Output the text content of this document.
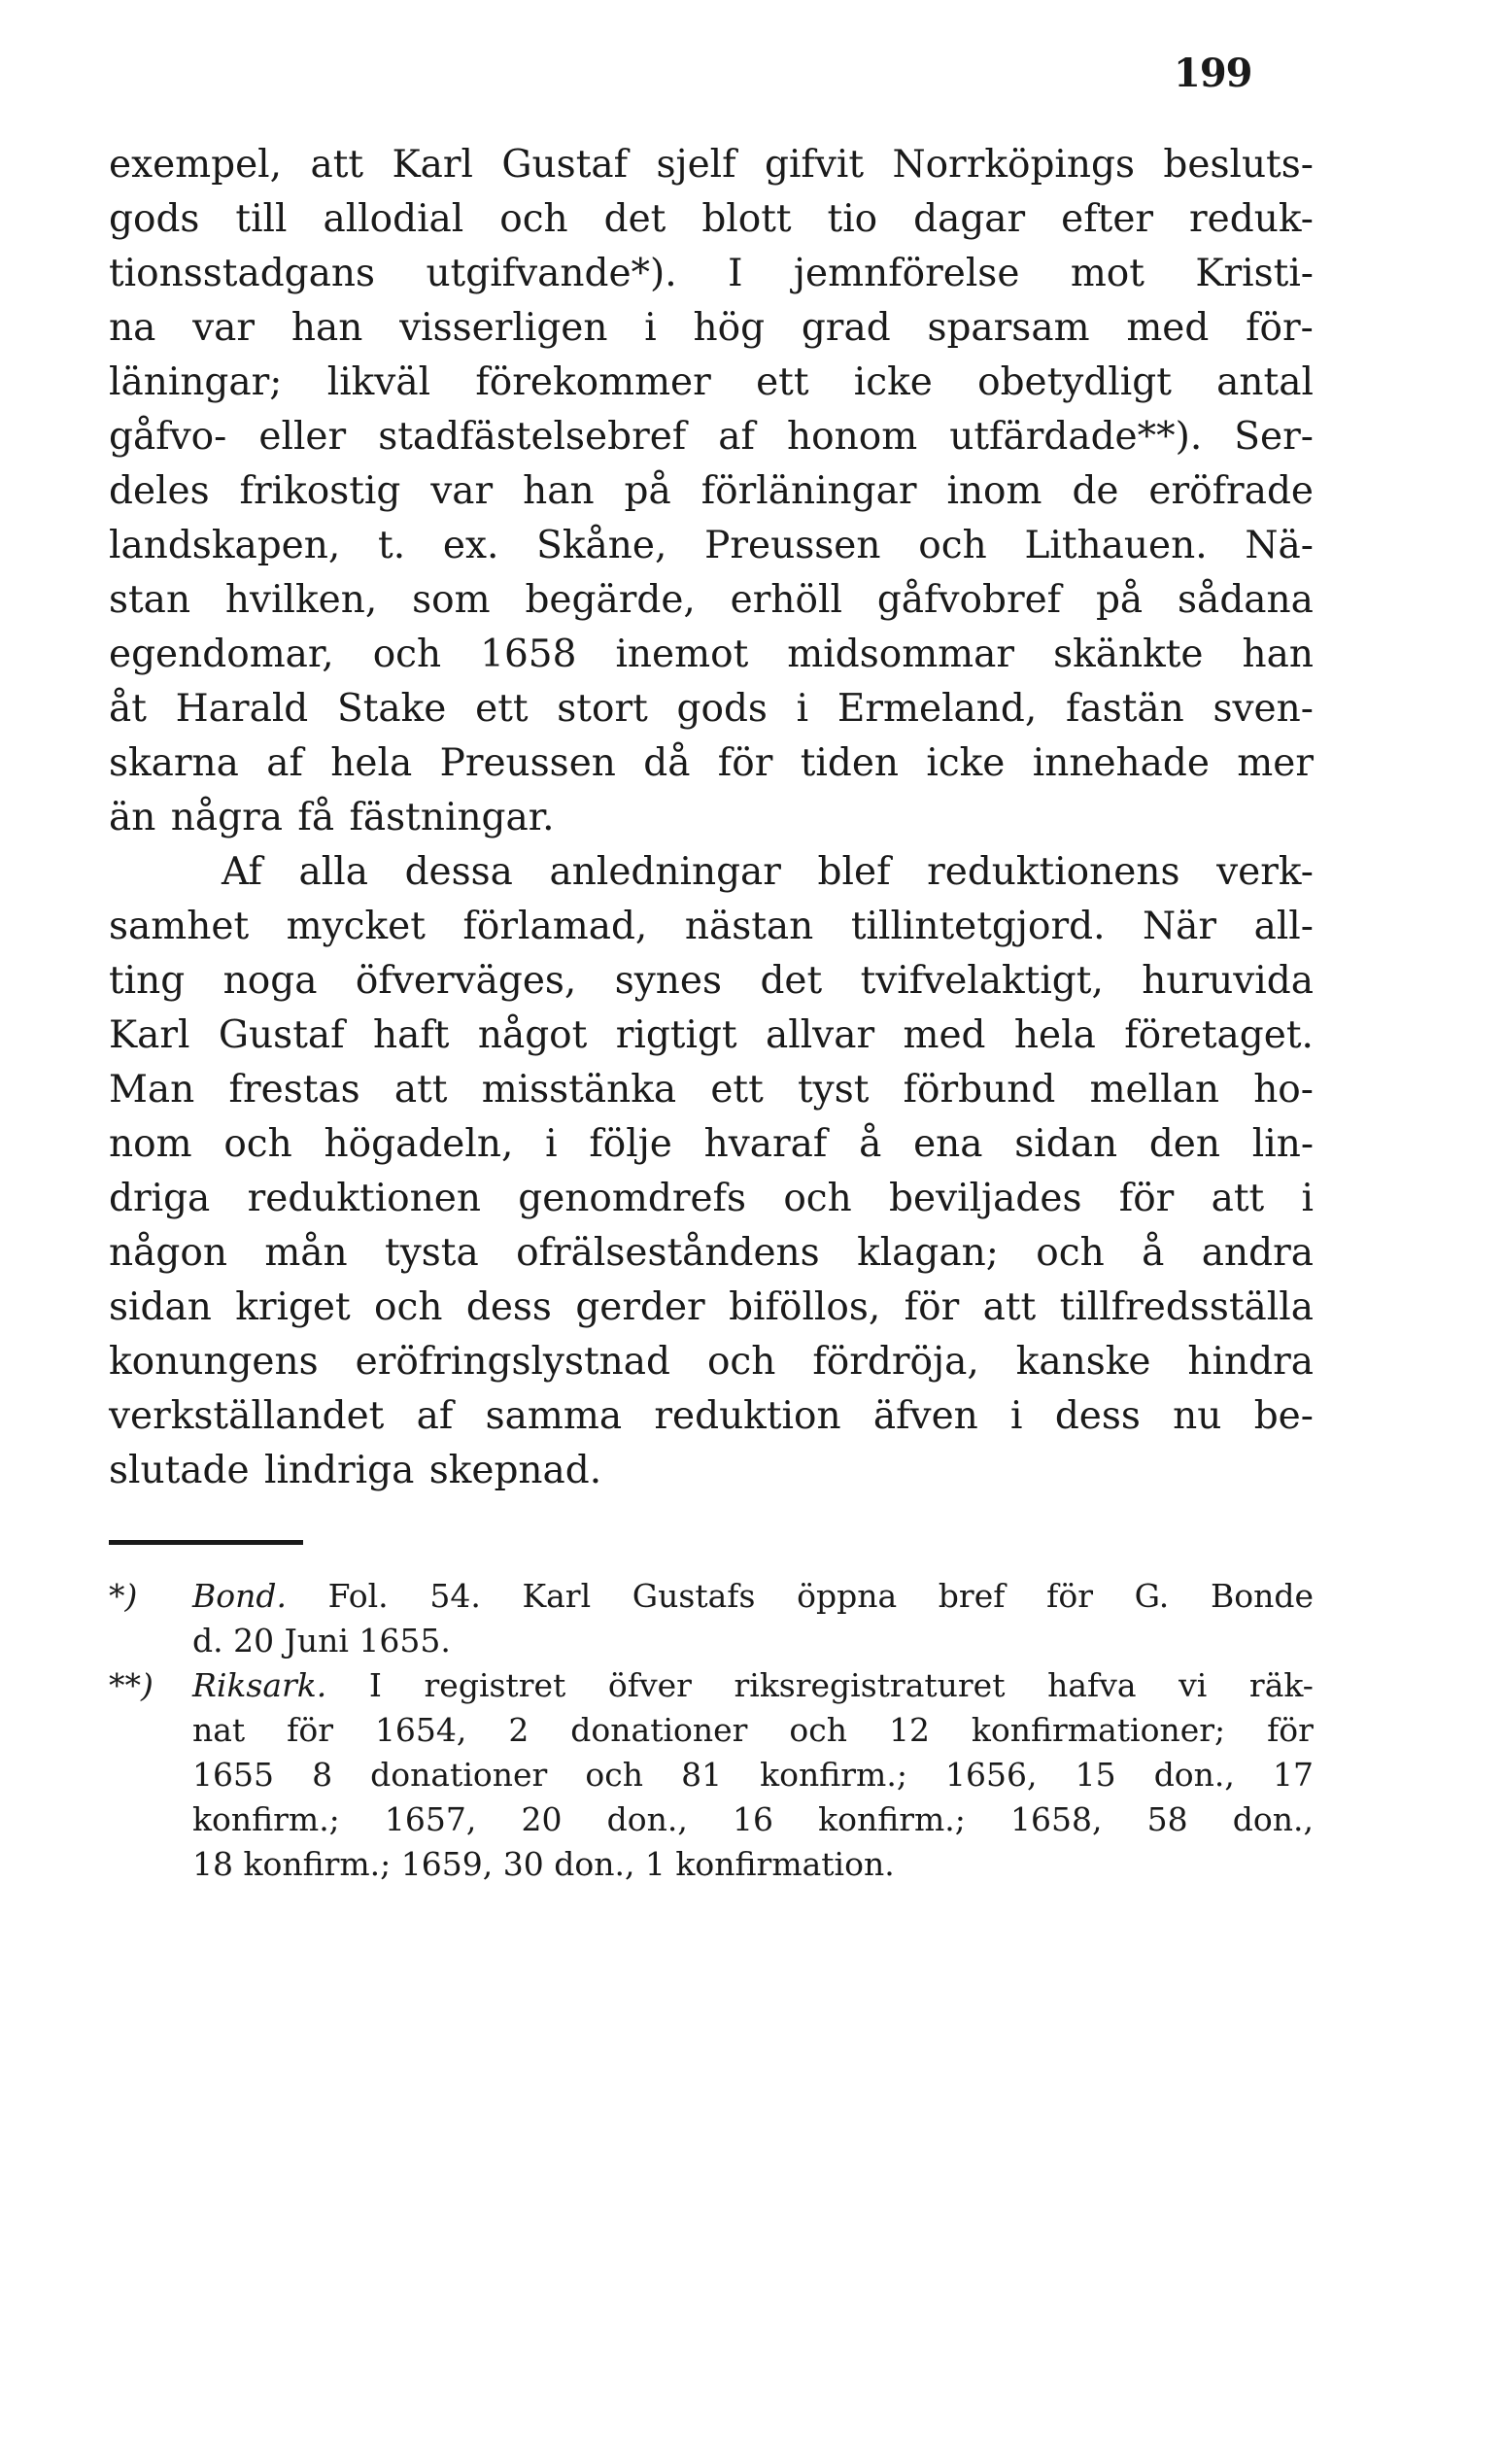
199
exempel, att Karl Gustaf sjelf gifvit Norrköpings besluts-
gods till allodial och det blott tio dagar efter reduk-
tionsstadgans utgifvande*). I jemnförelse mot Kristi-
na var han visserligen i hög grad sparsam med för-
läningar; likväl förekommer ett icke obetydligt antal
gåfvo- eller stadfästelsebref af honom utfärdade**). Ser-
deles frikostig var han på förläningar inom de eröfrade
landskapen, t. ex. Skåne, Preussen och Lithauen. Nä-
stan hvilken, som begärde, erhöll gåfvobref på sådana
egendomar, och 1658 inemot midsommar skänkte han
åt Harald Stake ett stort gods i Ermeland, fastän sven-
skarna af hela Preussen då för tiden icke innehade mer
än några få fästningar.
Af alla dessa anledningar blef reduktionens verk-
samhet mycket förlamad, nästan tillintetgjord. När all-
ting noga öfverväges, synes det tvifvelaktigt, huruvida
Karl Gustaf haft något rigtigt allvar med hela företaget.
Man frestas att misstänka ett tyst förbund mellan ho-
nom och högadeln, i följe hvaraf å ena sidan den lin-
driga reduktionen genomdrefs och beviljades för att i
någon mån tysta ofrälseståndens klagan; och å andra
sidan kriget och dess gerder biföllos, för att tillfredsställa
konungens eröfringslystnad och fördröja, kanske hindra
verkställandet af samma reduktion äfven i dess nu be-
slutade lindriga skepnad.
*)	Bond. Fol. 54. Karl Gustafs öppna bref för G. Bonde
d. 20 Juni 1655.
**)	Riksark. I registret öfver riksregistraturet hafva vi räk-
nat för 1654, 2 donationer och 12 konfirmationer; för
1655 8 donationer och 81 konfirm.; 1656, 15 don., 17
konfirm.; 1657, 20 don., 16 konfirm.; 1658, 58 don.,
18 konfirm.; 1659, 30 don., 1 konfirmation.
